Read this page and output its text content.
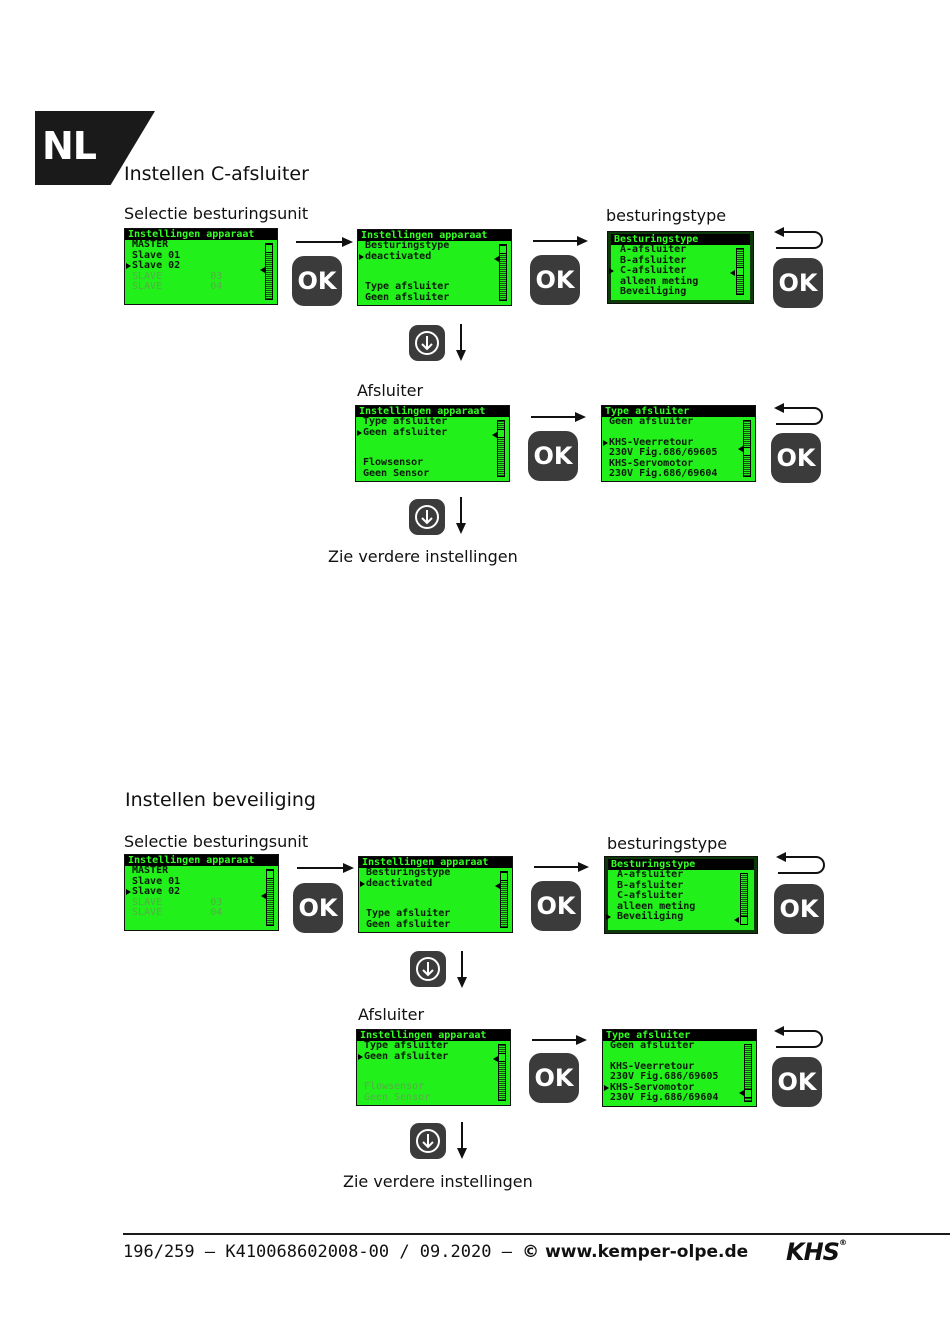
NL
Instellen C-afsluiter
Selectie besturingsunit	besturingstype
Instellingen apparaat
MASTER
Slave 01
Slave 02
SLAVE        03
SLAVE        04	OK
Instellingen apparaat
Besturingstype
deactivated
Type afsluiter
Geen afsluiter
OK
Besturingstype
A-afsluiter
B-afsluiter
C-afsluiter
alleen meting
Beveiliging	OK
Afsluiter
Instellingen apparaat
Type afsluiter
Geen afsluiter
Flowsensor
Geen Sensor
OK
Type afsluiter
Geen afsluiter
KHS-Veerretour
230V Fig.686/69605
KHS-Servomotor
230V Fig.686/69604
OK
Zie verdere instellingen
Instellen beveiliging
Selectie besturingsunit	besturingstype
Instellingen apparaat
MASTER
Slave 01
Slave 02
SLAVE        03
SLAVE        04	OK
Instellingen apparaat
Besturingstype
deactivated
Type afsluiter
Geen afsluiter
OK
Besturingstype
A-afsluiter
B-afsluiter
C-afsluiter
alleen meting
Beveiliging	OK
Afsluiter
Instellingen apparaat
Type afsluiter
Geen afsluiter
Flowsensor
Geen Sensor
OK
Type afsluiter
Geen afsluiter
KHS-Veerretour
230V Fig.686/69605
KHS-Servomotor
230V Fig.686/69604
OK
Zie verdere instellingen
196/259 – K410068602008-00 / 09.2020 – © www.kemper-olpe.de KHS®
